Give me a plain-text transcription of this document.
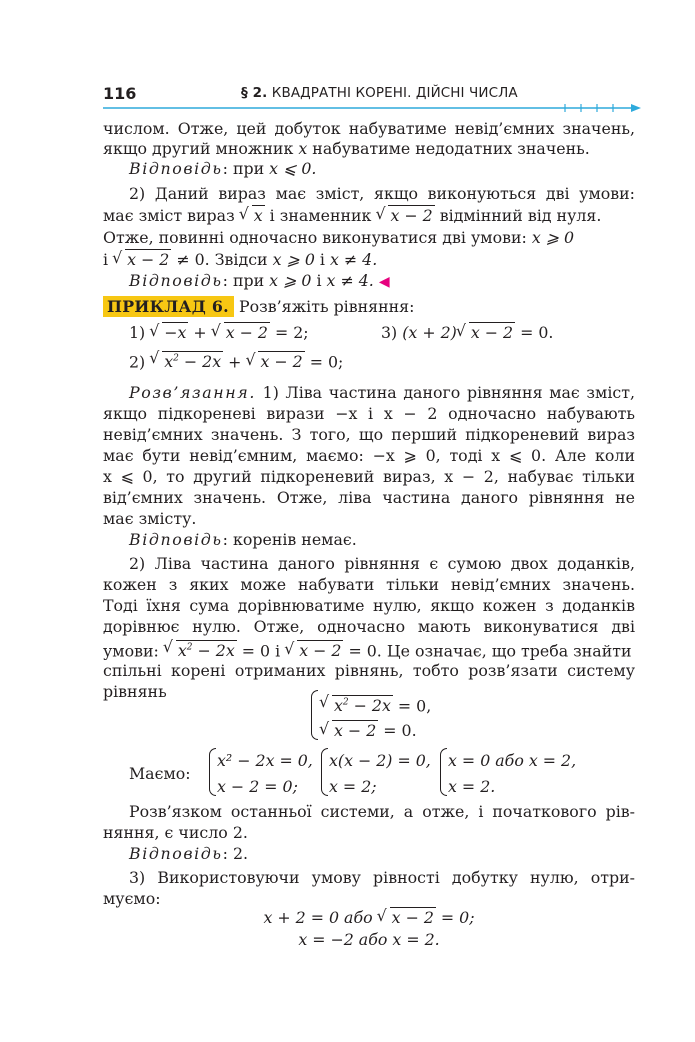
116	§ 2. КВАДРАТНІ КОРЕНІ. ДІЙСНІ ЧИСЛА
числом. Отже, цей добуток набуватиме невід’ємних значень,
якщо другий множник x набуватиме недодатних значень.
Відповідь: при x ⩽ 0.
2) Даний вираз має зміст, якщо виконуються дві умови:
має зміст вираз √ x і знаменник √ x − 2 відмінний від нуля.
Отже, повинні одночасно виконуватися дві умови: x ⩾ 0
і √ x − 2 ≠ 0. Звідси x ⩾ 0 і x ≠ 4.
Відповідь: при x ⩾ 0 і x ≠ 4. ◀
ПРИКЛАД 6. Розв’яжіть рівняння:
1) √ −x + √ x − 2 = 2;	3) (x + 2) √ x − 2 = 0.
2) √ $x^2 - 2x$ + √ x − 2 = 0;
Розв’язання. 1) Ліва частина даного рівняння має зміст,
якщо підкореневі вирази −x і x − 2 одночасно набувають
невід’ємних значень. З того, що перший підкореневий вираз
має бути невід’ємним, маємо: −x ⩾ 0, тоді x ⩽ 0. Але коли
x ⩽ 0, то другий підкореневий вираз, x − 2, набуває тільки
від’ємних значень. Отже, ліва частина даного рівняння не
має змісту.
Відповідь: коренів немає.
2) Ліва частина даного рівняння є сумою двох доданків,
кожен з яких може набувати тільки невід’ємних значень.
Тоді їхня сума дорівнюватиме нулю, якщо кожен з доданків
дорівнює нулю. Отже, одночасно мають виконуватися дві
умови: √ $x^2 - 2x = 0$ і √ x − 2 = 0. Це означає, що треба знайти
спільні корені отриманих рівнянь, тобто розв’язати систему
рівнянь
√ $x^2 - 2x = 0$,
√ x − 2 = 0.
Маємо:
x² − 2x = 0,
x − 2 = 0;
x(x − 2) = 0,
x = 2;
x = 0 або x = 2,
x = 2.
Розв’язком останньої системи, а отже, і початкового рів-
няння, є число 2.
Відповідь: 2.
3) Використовуючи умову рівності добутку нулю, отри-
муємо:
x + 2 = 0 або √ x − 2 = 0;
x = −2 або x = 2.
